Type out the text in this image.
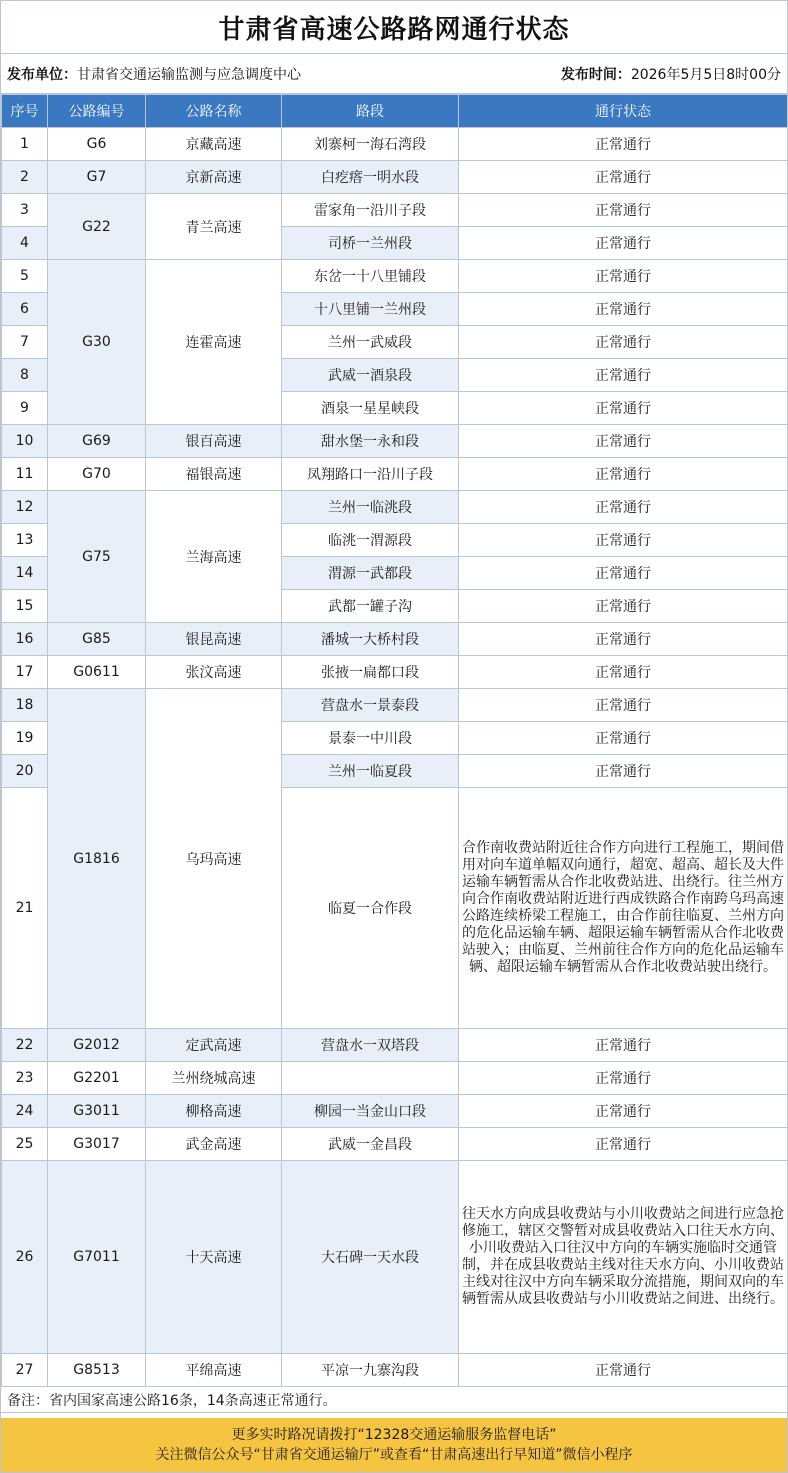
甘肃省高速公路路网通行状态
发布单位：甘肃省交通运输监测与应急调度中心	发布时间：2026年5月5日8时00分
序号	公路编号	公路名称	路段	通行状态
1	G6	京藏高速	刘寨柯一海石湾段	正常通行
2	G7	京新高速	白疙瘩一明水段	正常通行
3	G22	青兰高速	雷家角一沿川子段	正常通行
4			司桥一兰州段	正常通行
5	G30	连霍高速	东岔一十八里铺段	正常通行
6			十八里铺一兰州段	正常通行
7			兰州一武威段	正常通行
8			武威一酒泉段	正常通行
9			酒泉一星星峡段	正常通行
10	G69	银百高速	甜水堡一永和段	正常通行
11	G70	福银高速	凤翔路口一沿川子段	正常通行
12	G75	兰海高速	兰州一临洮段	正常通行
13			临洮一渭源段	正常通行
14			渭源一武都段	正常通行
15			武都一罐子沟	正常通行
16	G85	银昆高速	潘城一大桥村段	正常通行
17	G0611	张汶高速	张掖一扁都口段	正常通行
18	G1816	乌玛高速	营盘水一景泰段	正常通行
19			景泰一中川段	正常通行
20			兰州一临夏段	正常通行
21			临夏一合作段	合作南收费站附近往合作方向进行工程施工，期间借用对向车道单幅双向通行，超宽、超高、超长及大件运输车辆暂需从合作北收费站进、出绕行。往兰州方向合作南收费站附近进行西成铁路合作南跨乌玛高速公路连续桥梁工程施工，由合作前往临夏、兰州方向的危化品运输车辆、超限运输车辆暂需从合作北收费站驶入；由临夏、兰州前往合作方向的危化品运输车辆、超限运输车辆暂需从合作北收费站驶出绕行。
22	G2012	定武高速	营盘水一双塔段	正常通行
23	G2201	兰州绕城高速		正常通行
24	G3011	柳格高速	柳园一当金山口段	正常通行
25	G3017	武金高速	武威一金昌段	正常通行
26	G7011	十天高速	大石碑一天水段	往天水方向成县收费站与小川收费站之间进行应急抢修施工，辖区交警暂对成县收费站入口往天水方向、小川收费站入口往汉中方向的车辆实施临时交通管制，并在成县收费站主线对往天水方向、小川收费站主线对往汉中方向车辆采取分流措施，期间双向的车辆暂需从成县收费站与小川收费站之间进、出绕行。
27	G8513	平绵高速	平凉一九寨沟段	正常通行
备注：省内国家高速公路16条，14条高速正常通行。
更多实时路况请拨打“12328交通运输服务监督电话”
关注微信公众号“甘肃省交通运输厅”或查看“甘肃高速出行早知道”微信小程序
